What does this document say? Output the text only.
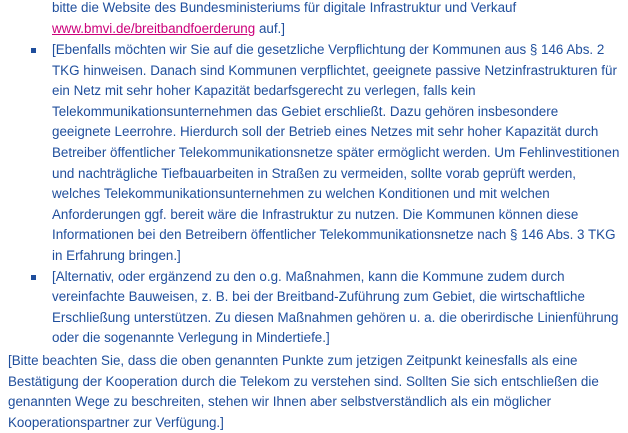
bitte die Website des Bundesministeriums für digitale Infrastruktur und Verkauf
www.bmvi.de/breitbandfoerderung auf.]

[Ebenfalls möchten wir Sie auf die gesetzliche Verpflichtung der Kommunen aus § 146 Abs. 2 TKG hinweisen. Danach sind Kommunen verpflichtet, geeignete passive Netzinfrastrukturen für ein Netz mit sehr hoher Kapazität bedarfsgerecht zu verlegen, falls kein Telekommunikationsunternehmen das Gebiet erschließt. Dazu gehören insbesondere geeignete Leerrohre. Hierdurch soll der Betrieb eines Netzes mit sehr hoher Kapazität durch Betreiber öffentlicher Telekommunikationsnetze später ermöglicht werden. Um Fehlinvestitionen und nachträgliche Tiefbauarbeiten in Straßen zu vermeiden, sollte vorab geprüft werden, welches Telekommunikationsunternehmen zu welchen Konditionen und mit welchen Anforderungen ggf. bereit wäre die Infrastruktur zu nutzen. Die Kommunen können diese Informationen bei den Betreibern öffentlicher Telekommunikationsnetze nach § 146 Abs. 3 TKG in Erfahrung bringen.]
[Alternativ, oder ergänzend zu den o.g. Maßnahmen, kann die Kommune zudem durch vereinfachte Bauweisen, z. B. bei der Breitband-Zuführung zum Gebiet, die wirtschaftliche Erschließung unterstützen. Zu diesen Maßnahmen gehören u. a. die oberirdische Linienführung oder die sogenannte Verlegung in Mindertiefe.]

[Bitte beachten Sie, dass die oben genannten Punkte zum jetzigen Zeitpunkt keinesfalls als eine Bestätigung der Kooperation durch die Telekom zu verstehen sind. Sollten Sie sich entschließen die genannten Wege zu beschreiten, stehen wir Ihnen aber selbstverständlich als ein möglicher Kooperationspartner zur Verfügung.]
